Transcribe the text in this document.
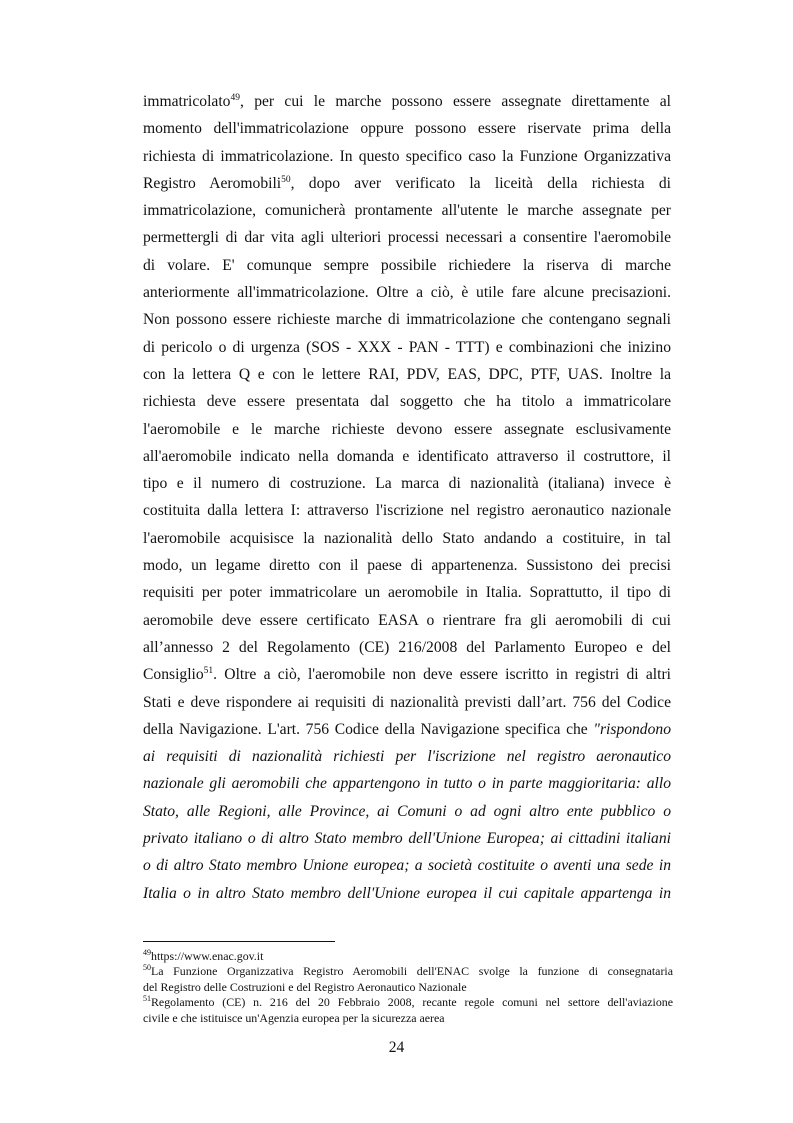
immatricolato$^{49}$, per cui le marche possono essere assegnate direttamente al
momento dell'immatricolazione oppure possono essere riservate prima della
richiesta di immatricolazione. In questo specifico caso la Funzione Organizzativa
Registro Aeromobili$^{50}$, dopo aver verificato la liceità della richiesta di
immatricolazione, comunicherà prontamente all'utente le marche assegnate per
permettergli di dar vita agli ulteriori processi necessari a consentire l'aeromobile
di volare. E' comunque sempre possibile richiedere la riserva di marche
anteriormente all'immatricolazione. Oltre a ciò, è utile fare alcune precisazioni.
Non possono essere richieste marche di immatricolazione che contengano segnali
di pericolo o di urgenza (SOS - XXX - PAN - TTT) e combinazioni che inizino
con la lettera Q e con le lettere RAI, PDV, EAS, DPC, PTF, UAS. Inoltre la
richiesta deve essere presentata dal soggetto che ha titolo a immatricolare
l'aeromobile e le marche richieste devono essere assegnate esclusivamente
all'aeromobile indicato nella domanda e identificato attraverso il costruttore, il
tipo e il numero di costruzione. La marca di nazionalità (italiana) invece è
costituita dalla lettera I: attraverso l'iscrizione nel registro aeronautico nazionale
l'aeromobile acquisisce la nazionalità dello Stato andando a costituire, in tal
modo, un legame diretto con il paese di appartenenza. Sussistono dei precisi
requisiti per poter immatricolare un aeromobile in Italia. Soprattutto, il tipo di
aeromobile deve essere certificato EASA o rientrare fra gli aeromobili di cui
all’annesso 2 del Regolamento (CE) 216/2008 del Parlamento Europeo e del
Consiglio$^{51}$. Oltre a ciò, l'aeromobile non deve essere iscritto in registri di altri
Stati e deve rispondere ai requisiti di nazionalità previsti dall’art. 756 del Codice
della Navigazione. L'art. 756 Codice della Navigazione specifica che "rispondono
ai requisiti di nazionalità richiesti per l'iscrizione nel registro aeronautico
nazionale gli aeromobili che appartengono in tutto o in parte maggioritaria: allo
Stato, alle Regioni, alle Province, ai Comuni o ad ogni altro ente pubblico o
privato italiano o di altro Stato membro dell'Unione Europea; ai cittadini italiani
o di altro Stato membro Unione europea; a società costituite o aventi una sede in
Italia o in altro Stato membro dell'Unione europea il cui capitale appartenga in
$^{49}$https://www.enac.gov.it
$^{50}$La Funzione Organizzativa Registro Aeromobili dell'ENAC svolge la funzione di consegnataria
del Registro delle Costruzioni e del Registro Aeronautico Nazionale
$^{51}$Regolamento (CE) n. 216 del 20 Febbraio 2008, recante regole comuni nel settore dell'aviazione
civile e che istituisce un'Agenzia europea per la sicurezza aerea
24
